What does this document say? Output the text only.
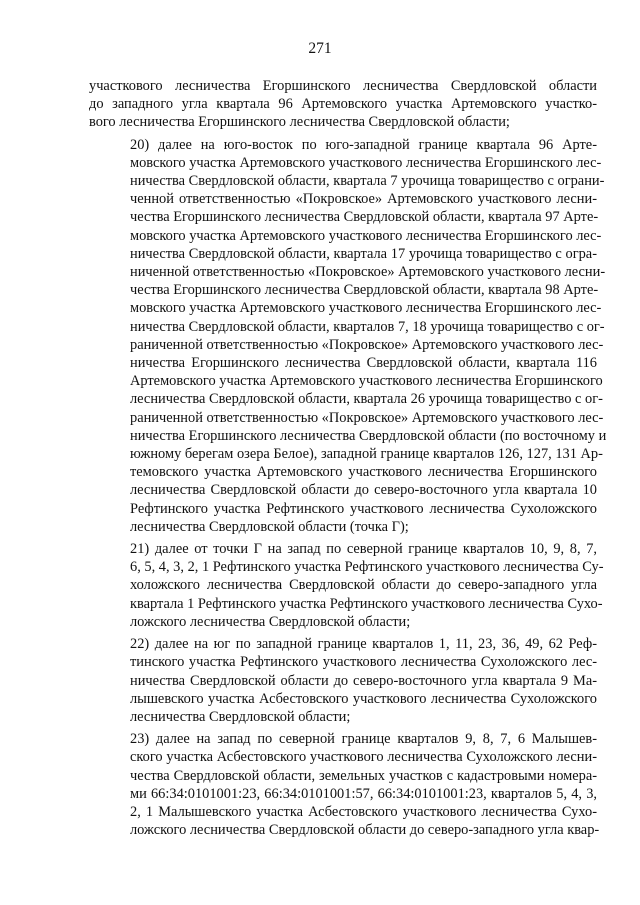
271

участкового лесничества Егоршинского лесничества Свердловской области
до западного угла квартала 96 Артемовского участка Артемовского участко-
вого лесничества Егоршинского лесничества Свердловской области;

20) далее на юго-восток по юго-западной границе квартала 96 Арте-
мовского участка Артемовского участкового лесничества Егоршинского лес-
ничества Свердловской области, квартала 7 урочища товарищество с ограни-
ченной ответственностью «Покровское» Артемовского участкового лесни-
чества Егоршинского лесничества Свердловской области, квартала 97 Арте-
мовского участка Артемовского участкового лесничества Егоршинского лес-
ничества Свердловской области, квартала 17 урочища товарищество с огра-
ниченной ответственностью «Покровское» Артемовского участкового лесни-
чества Егоршинского лесничества Свердловской области, квартала 98 Арте-
мовского участка Артемовского участкового лесничества Егоршинского лес-
ничества Свердловской области, кварталов 7, 18 урочища товарищество с ог-
раниченной ответственностью «Покровское» Артемовского участкового лес-
ничества Егоршинского лесничества Свердловской области, квартала 116
Артемовского участка Артемовского участкового лесничества Егоршинского
лесничества Свердловской области, квартала 26 урочища товарищество с ог-
раниченной ответственностью «Покровское» Артемовского участкового лес-
ничества Егоршинского лесничества Свердловской области (по восточному и
южному берегам озера Белое), западной границе кварталов 126, 127, 131 Ар-
темовского участка Артемовского участкового лесничества Егоршинского
лесничества Свердловской области до северо-восточного угла квартала 10
Рефтинского участка Рефтинского участкового лесничества Сухоложского
лесничества Свердловской области (точка Г);

21) далее от точки Г на запад по северной границе кварталов 10, 9, 8, 7,
6, 5, 4, 3, 2, 1 Рефтинского участка Рефтинского участкового лесничества Су-
холожского лесничества Свердловской области до северо-западного угла
квартала 1 Рефтинского участка Рефтинского участкового лесничества Сухо-
ложского лесничества Свердловской области;

22) далее на юг по западной границе кварталов 1, 11, 23, 36, 49, 62 Реф-
тинского участка Рефтинского участкового лесничества Сухоложского лес-
ничества Свердловской области до северо-восточного угла квартала 9 Ма-
лышевского участка Асбестовского участкового лесничества Сухоложского
лесничества Свердловской области;

23) далее на запад по северной границе кварталов 9, 8, 7, 6 Малышев-
ского участка Асбестовского участкового лесничества Сухоложского лесни-
чества Свердловской области, земельных участков с кадастровыми номера-
ми 66:34:0101001:23, 66:34:0101001:57, 66:34:0101001:23, кварталов 5, 4, 3,
2, 1 Малышевского участка Асбестовского участкового лесничества Сухо-
ложского лесничества Свердловской области до северо-западного угла квар-
